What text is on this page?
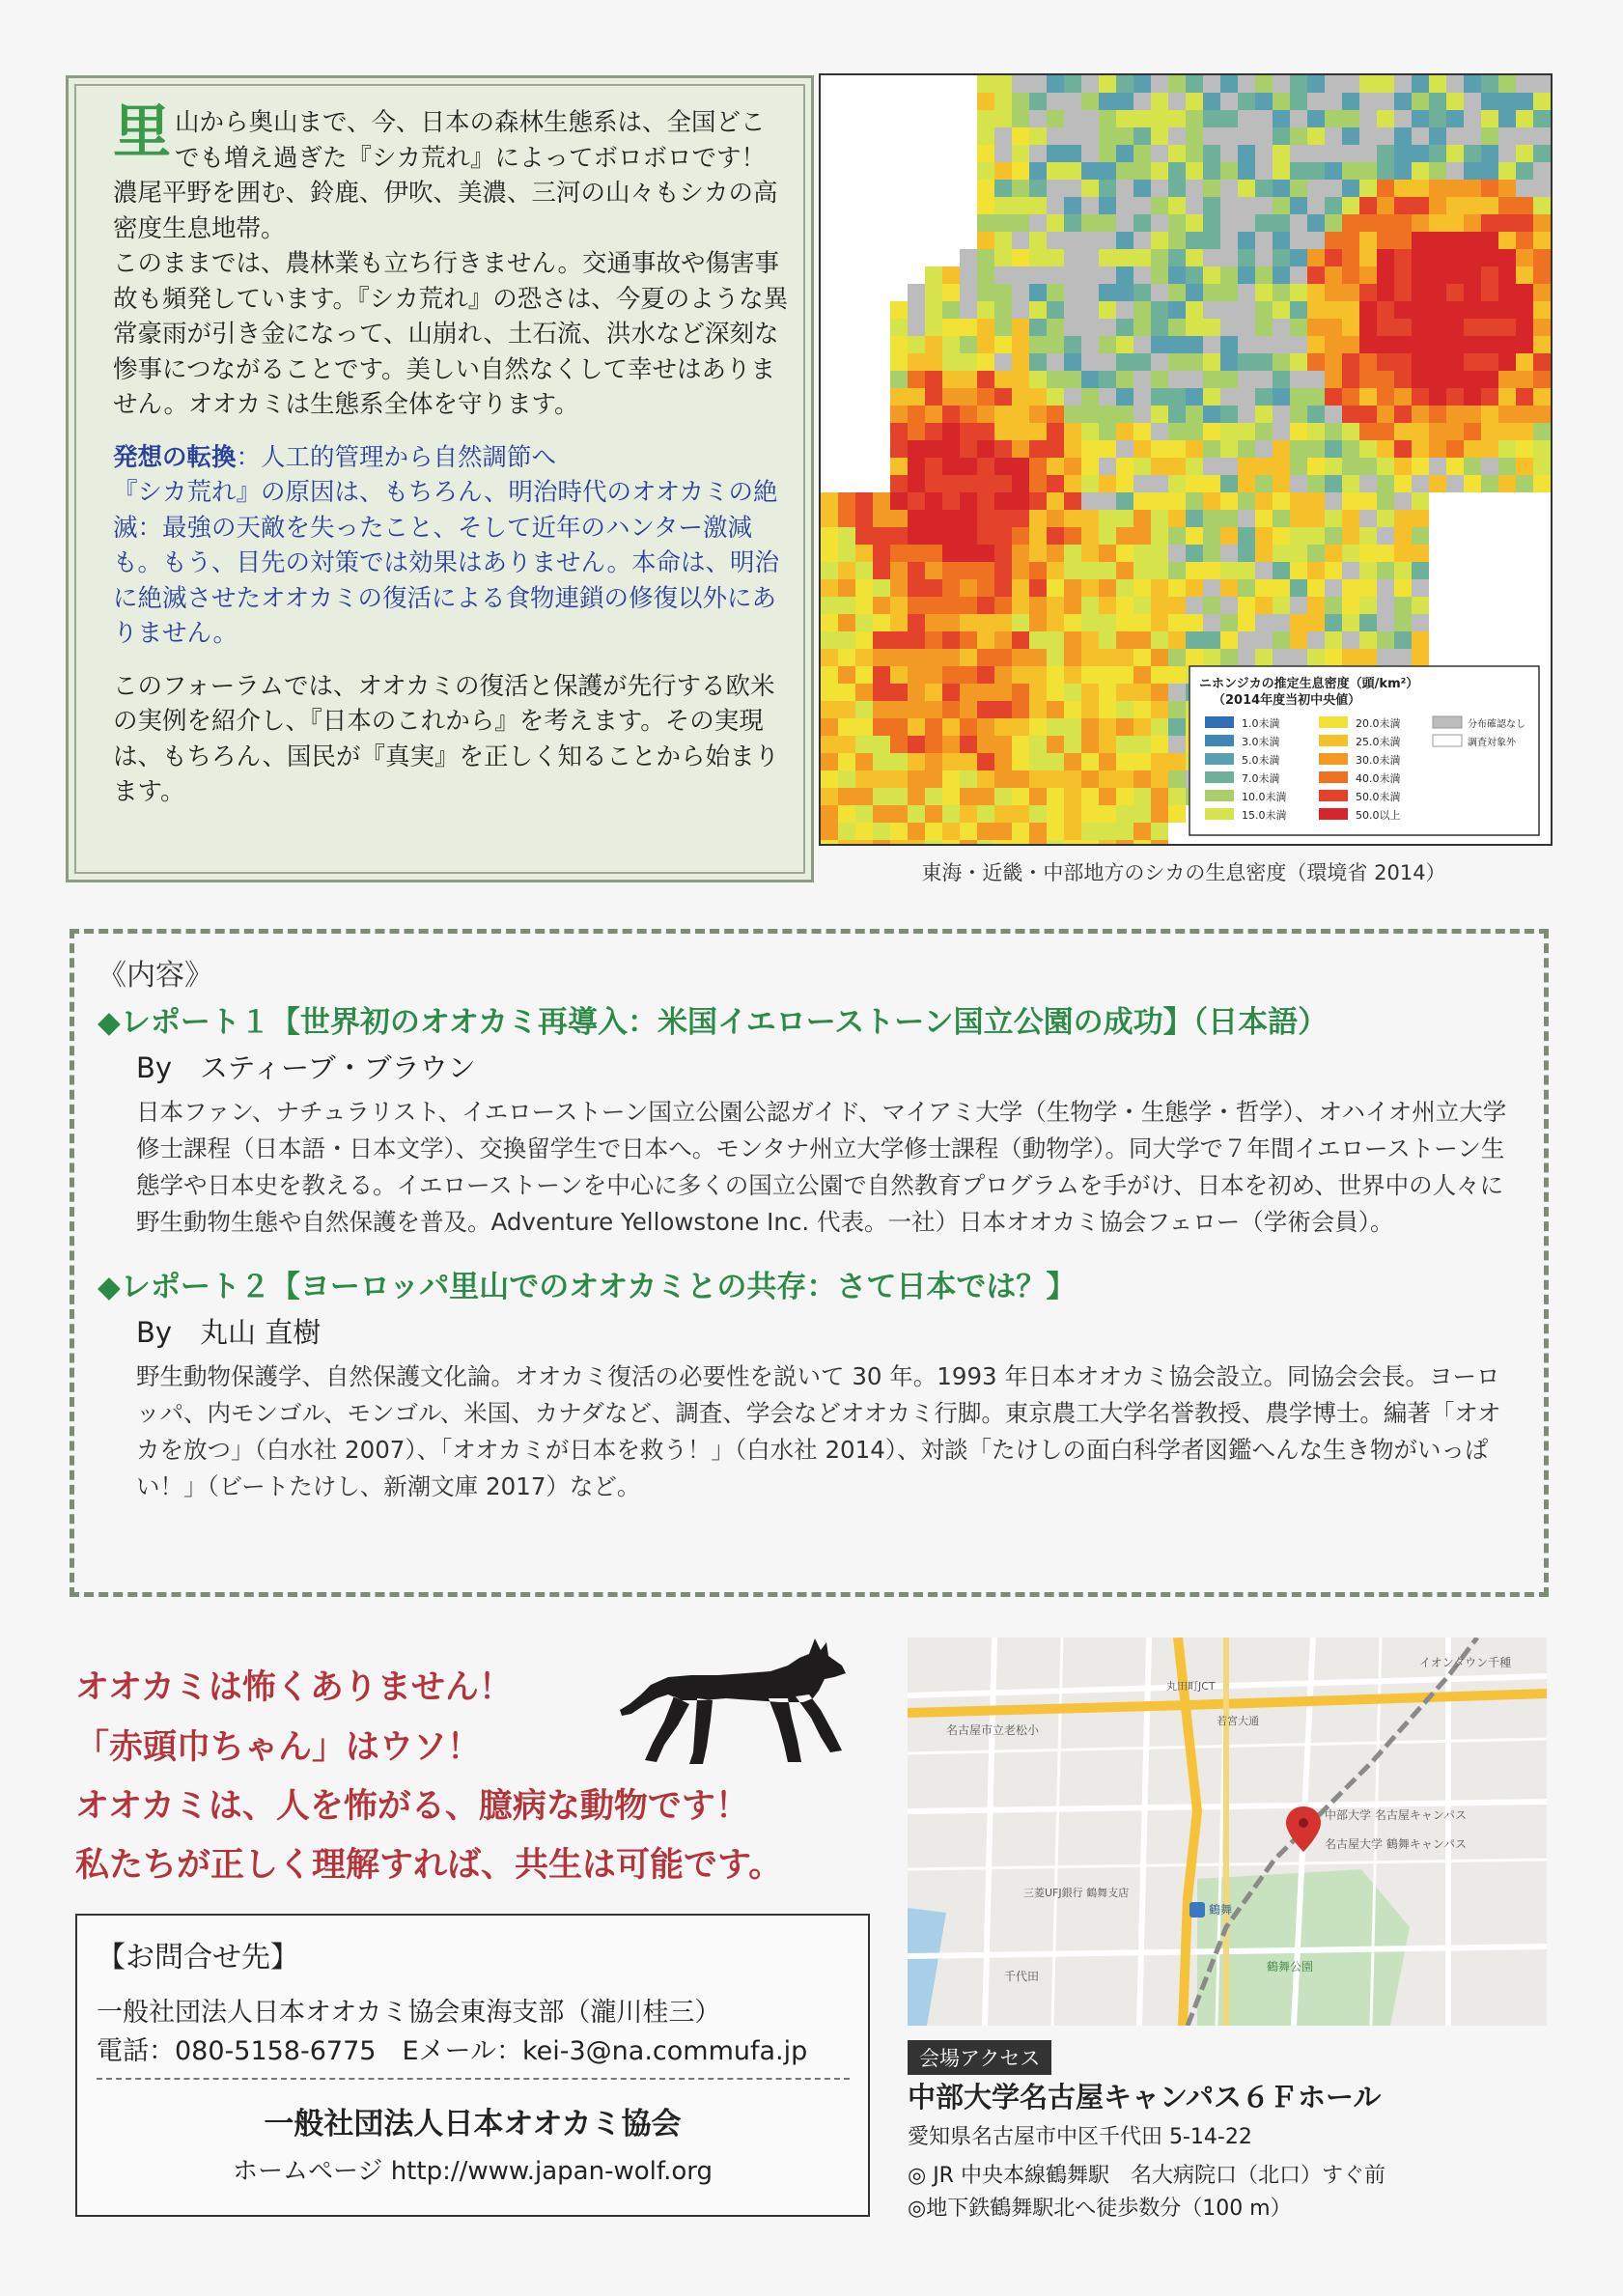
里山から奥山まで、今、日本の森林生態系は、全国どこでも増え過ぎた『シカ荒れ』によってボロボロです！
濃尾平野を囲む、鈴鹿、伊吹、美濃、三河の山々もシカの高密度生息地帯。
このままでは、農林業も立ち行きません。交通事故や傷害事故も頻発しています。『シカ荒れ』の恐さは、今夏のような異常豪雨が引き金になって、山崩れ、土石流、洪水など深刻な惨事につながることです。美しい自然なくして幸せはありません。オオカミは生態系全体を守ります。

発想の転換：人工的管理から自然調節へ
『シカ荒れ』の原因は、もちろん、明治時代のオオカミの絶滅：最強の天敵を失ったこと、そして近年のハンター激減も。もう、目先の対策では効果はありません。本命は、明治に絶滅させたオオカミの復活による食物連鎖の修復以外にありません。

このフォーラムでは、オオカミの復活と保護が先行する欧米の実例を紹介し、『日本のこれから』を考えます。その実現は、もちろん、国民が『真実』を正しく知ることから始まります。

ニホンジカの推定生息密度（頭/km²）
（2014年度当初中央値）
1.0未満
3.0未満
5.0未満
7.0未満
10.0未満
15.0未満
20.0未満
25.0未満
30.0未満
40.0未満
50.0未満
50.0以上
分布確認なし
調査対象外
東海・近畿・中部地方のシカの生息密度（環境省 2014）
《内容》
◆レポート１【世界初のオオカミ再導入：米国イエローストーン国立公園の成功】（日本語）
By　スティーブ・ブラウン
日本ファン、ナチュラリスト、イエローストーン国立公園公認ガイド、マイアミ大学（生物学・生態学・哲学）、オハイオ州立大学修士課程（日本語・日本文学）、交換留学生で日本へ。モンタナ州立大学修士課程（動物学）。同大学で７年間イエローストーン生態学や日本史を教える。イエローストーンを中心に多くの国立公園で自然教育プログラムを手がけ、日本を初め、世界中の人々に野生動物生態や自然保護を普及。Adventure Yellowstone Inc. 代表。一社）日本オオカミ協会フェロー（学術会員）。
◆レポート２【ヨーロッパ里山でのオオカミとの共存：さて日本では？】
By　丸山 直樹
野生動物保護学、自然保護文化論。オオカミ復活の必要性を説いて 30 年。1993 年日本オオカミ協会設立。同協会会長。ヨーロッパ、内モンゴル、モンゴル、米国、カナダなど、調査、学会などオオカミ行脚。東京農工大学名誉教授、農学博士。編著「オオカを放つ」（白水社 2007）、「オオカミが日本を救う！」（白水社 2014）、対談「たけしの面白科学者図鑑へんな生き物がいっぱい！」（ビートたけし、新潮文庫 2017）など。
オオカミは怖くありません！
「赤頭巾ちゃん」はウソ！
オオカミは、人を怖がる、臆病な動物です！
私たちが正しく理解すれば、共生は可能です。
【お問合せ先】
一般社団法人日本オオカミ協会東海支部（瀧川桂三）
電話：080-5158-6775　Eメール：kei-3@na.commufa.jp
一般社団法人日本オオカミ協会
ホームページ http://www.japan-wolf.org
中部大学 名古屋キャンパス
名古屋大学 鶴舞キャンパス
鶴舞
鶴舞公園
丸田町JCT
名古屋市立老松小
イオンタウン千種
三菱UFJ銀行 鶴舞支店
千代田
若宮大通
会場アクセス
中部大学名古屋キャンパス６Ｆホール
愛知県名古屋市中区千代田 5-14-22
◎ JR 中央本線鶴舞駅　名大病院口（北口）すぐ前
◎地下鉄鶴舞駅北へ徒歩数分（100 m）
